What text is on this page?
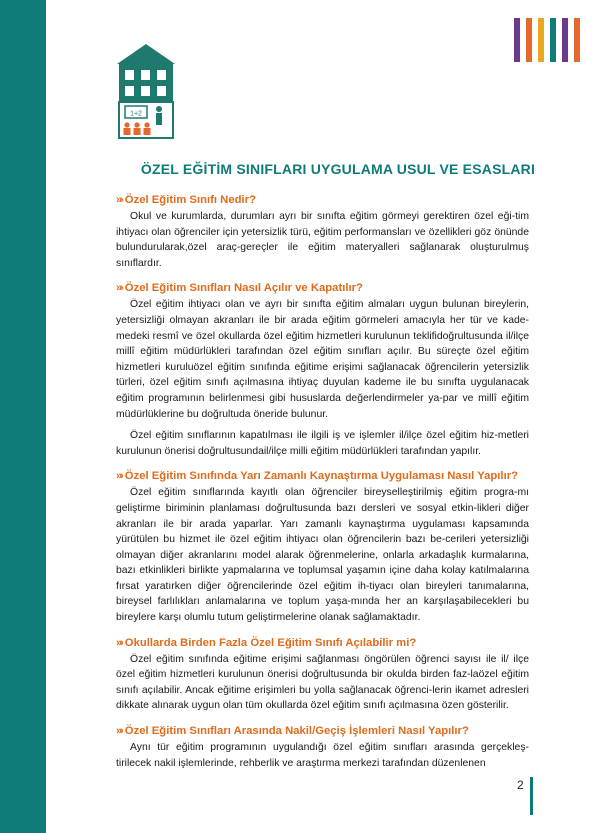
1+2
ÖZEL EĞİTİM SINIFLARI UYGULAMA USUL VE ESASLARI

»› Özel Eğitim Sınıfı Nedir?

Okul ve kurumlarda, durumları ayrı bir sınıfta eğitim görmeyi gerektiren özel eği-tim ihtiyacı olan öğrenciler için yetersizlik türü, eğitim performansları ve özellikleri göz önünde bulundurularak,özel araç-gereçler ile eğitim materyalleri sağlanarak oluşturulmuş sınıflardır.

»› Özel Eğitim Sınıfları Nasıl Açılır ve Kapatılır?

Özel eğitim ihtiyacı olan ve ayrı bir sınıfta eğitim almaları uygun bulunan bireylerin, yetersizliği olmayan akranları ile bir arada eğitim görmeleri amacıyla her tür ve kade-medeki resmî ve özel okullarda özel eğitim hizmetleri kurulunun teklifidoğrultusunda il/ilçe millî eğitim müdürlükleri tarafından özel eğitim sınıfları açılır. Bu süreçte özel eğitim hizmetleri kuruluözel eğitim sınıfında eğitime erişimi sağlanacak öğrencilerin yetersizlik türleri, özel eğitim sınıfı açılmasına ihtiyaç duyulan kademe ile bu sınıfta uygulanacak eğitim programının belirlenmesi gibi hususlarda değerlendirmeler ya-par ve millî eğitim müdürlüklerine bu doğrultuda öneride bulunur.

Özel eğitim sınıflarının kapatılması ile ilgili iş ve işlemler il/ilçe özel eğitim hiz-metleri kurulunun önerisi doğrultusundail/ilçe milli eğitim müdürlükleri tarafından yapılır.

»› Özel Eğitim Sınıfında Yarı Zamanlı Kaynaştırma Uygulaması Nasıl Yapılır?

Özel eğitim sınıflarında kayıtlı olan öğrenciler bireyselleştirilmiş eğitim progra-mı geliştirme biriminin planlaması doğrultusunda bazı dersleri ve sosyal etkin-likleri diğer akranları ile bir arada yaparlar. Yarı zamanlı kaynaştırma uygulaması kapsamında yürütülen bu hizmet ile özel eğitim ihtiyacı olan öğrencilerin bazı be-cerileri yetersizliği olmayan diğer akranlarını model alarak öğrenmelerine, onlarla arkadaşlık kurmalarına, bazı etkinlikleri birlikte yapmalarına ve toplumsal yaşamın içine daha kolay katılmalarına fırsat yaratırken diğer öğrencilerinde özel eğitim ih-tiyacı olan bireyleri tanımalarına, bireysel farlılıkları anlamalarına ve toplum yaşa-mında her an karşılaşabilecekleri bu bireylere karşı olumlu tutum geliştirmelerine olanak sağlamaktadır.

»› Okullarda Birden Fazla Özel Eğitim Sınıfı Açılabilir mi?

Özel eğitim sınıfında eğitime erişimi sağlanması öngörülen öğrenci sayısı ile il/ ilçe özel eğitim hizmetleri kurulunun önerisi doğrultusunda bir okulda birden faz-laözel eğitim sınıfı açılabilir. Ancak eğitime erişimleri bu yolla sağlanacak öğrenci-lerin ikamet adresleri dikkate alınarak uygun olan tüm okullarda özel eğitim sınıfı açılmasına özen gösterilir.

»› Özel Eğitim Sınıfları Arasında Nakil/Geçiş İşlemleri Nasıl Yapılır?

Aynı tür eğitim programının uygulandığı özel eğitim sınıfları arasında gerçekleş-tirilecek nakil işlemlerinde, rehberlik ve araştırma merkezi tarafından düzenlenen

2
